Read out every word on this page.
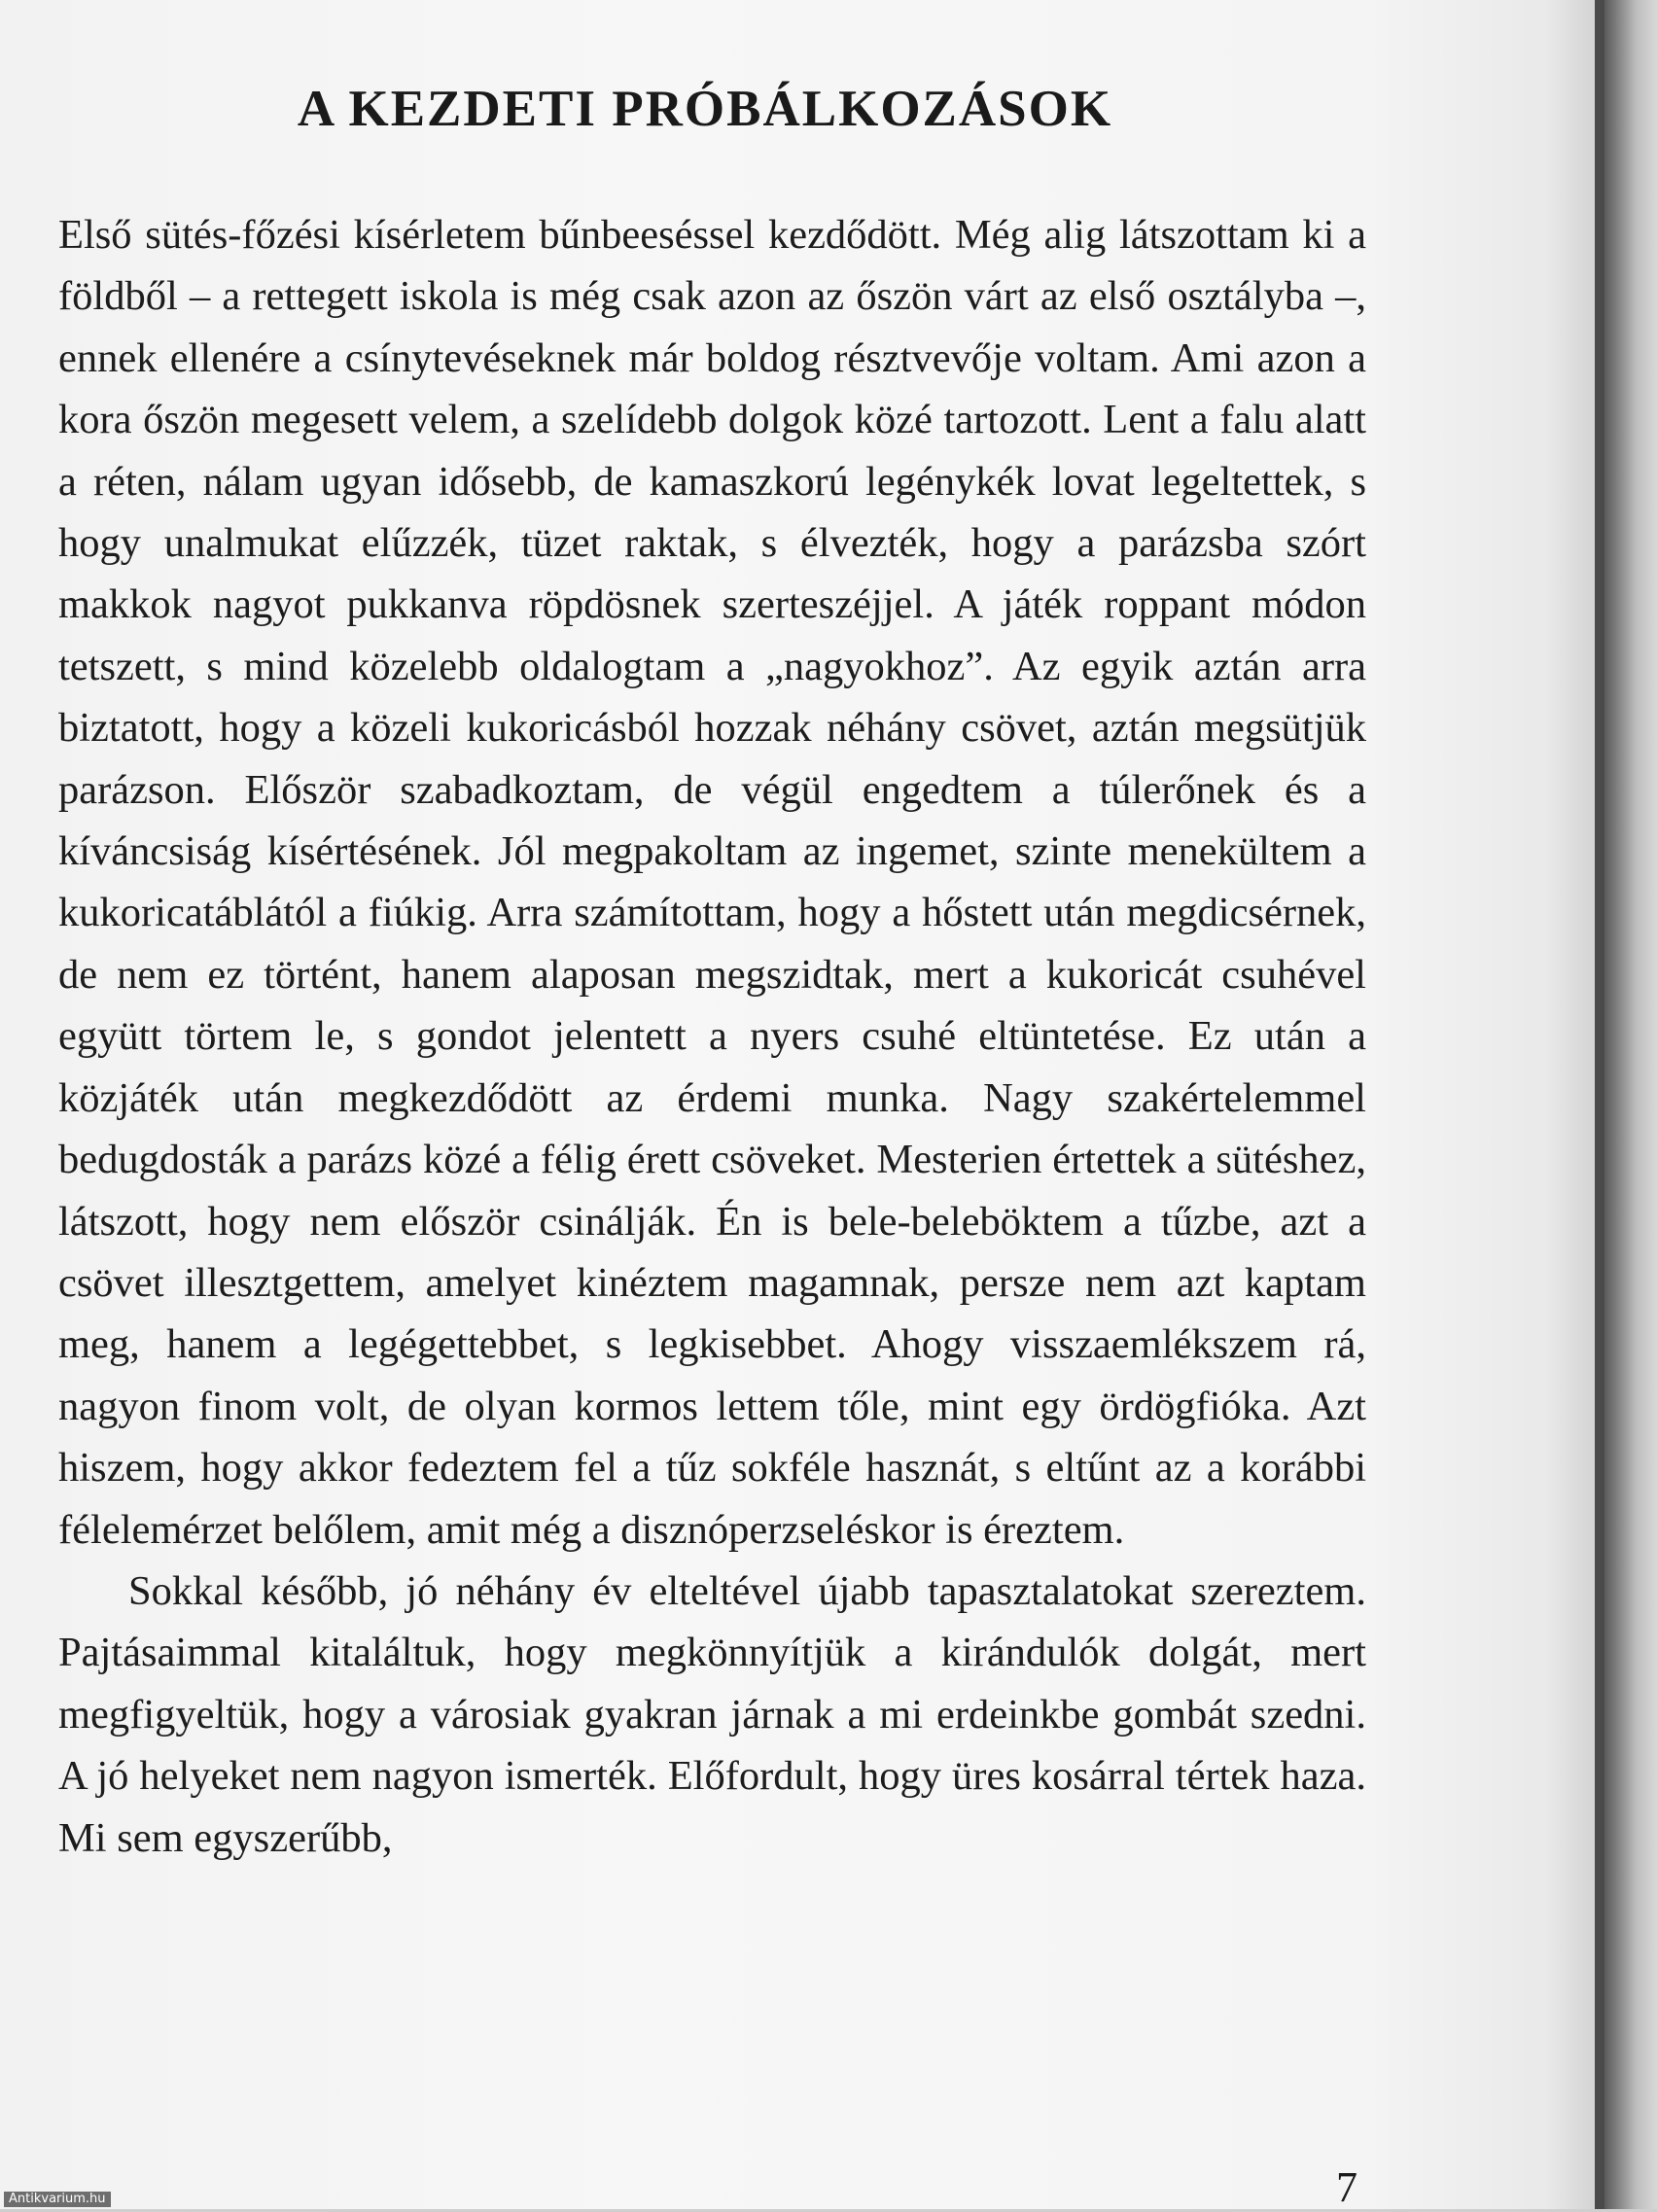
A KEZDETI PRÓBÁLKOZÁSOK

Első sütés-főzési kísérletem bűnbeeséssel kezdődött. Még alig látszottam ki a földből – a rettegett iskola is még csak azon az őszön várt az első osztályba –, ennek ellenére a csínytevéseknek már boldog résztvevője voltam. Ami azon a kora őszön megesett velem, a szelídebb dolgok közé tartozott. Lent a falu alatt a réten, nálam ugyan idősebb, de kamaszkorú legénykék lovat legeltettek, s hogy unalmukat elűzzék, tüzet raktak, s élvezték, hogy a parázsba szórt makkok nagyot pukkanva röpdösnek szerteszéjjel. A játék roppant módon tetszett, s mind közelebb oldalogtam a „nagyokhoz”. Az egyik aztán arra biztatott, hogy a közeli kukoricásból hozzak néhány csövet, aztán megsütjük parázson. Először szabadkoztam, de végül engedtem a túlerőnek és a kíváncsiság kísértésének. Jól megpakoltam az ingemet, szinte menekültem a kukoricatáblától a fiúkig. Arra számítottam, hogy a hőstett után megdicsérnek, de nem ez történt, hanem alaposan megszidtak, mert a kukoricát csuhével együtt törtem le, s gondot jelentett a nyers csuhé eltüntetése. Ez után a közjáték után megkezdődött az érdemi munka. Nagy szakértelemmel bedugdosták a parázs közé a félig érett csöveket. Mesterien értettek a sütéshez, látszott, hogy nem először csinálják. Én is bele-beleböktem a tűzbe, azt a csövet illesztgettem, amelyet kinéztem magamnak, persze nem azt kaptam meg, hanem a legégettebbet, s legkisebbet. Ahogy visszaemlékszem rá, nagyon finom volt, de olyan kormos lettem tőle, mint egy ördögfióka. Azt hiszem, hogy akkor fedeztem fel a tűz sokféle hasznát, s eltűnt az a korábbi félelemérzet belőlem, amit még a disznóperzseléskor is éreztem.

Sokkal később, jó néhány év elteltével újabb tapasztalatokat szereztem. Pajtásaimmal kitaláltuk, hogy megkönnyítjük a kirándulók dolgát, mert megfigyeltük, hogy a városiak gyakran járnak a mi erdeinkbe gombát szedni. A jó helyeket nem nagyon ismerték. Előfordult, hogy üres kosárral tértek haza. Mi sem egyszerűbb,

7
Antikvarium.hu
